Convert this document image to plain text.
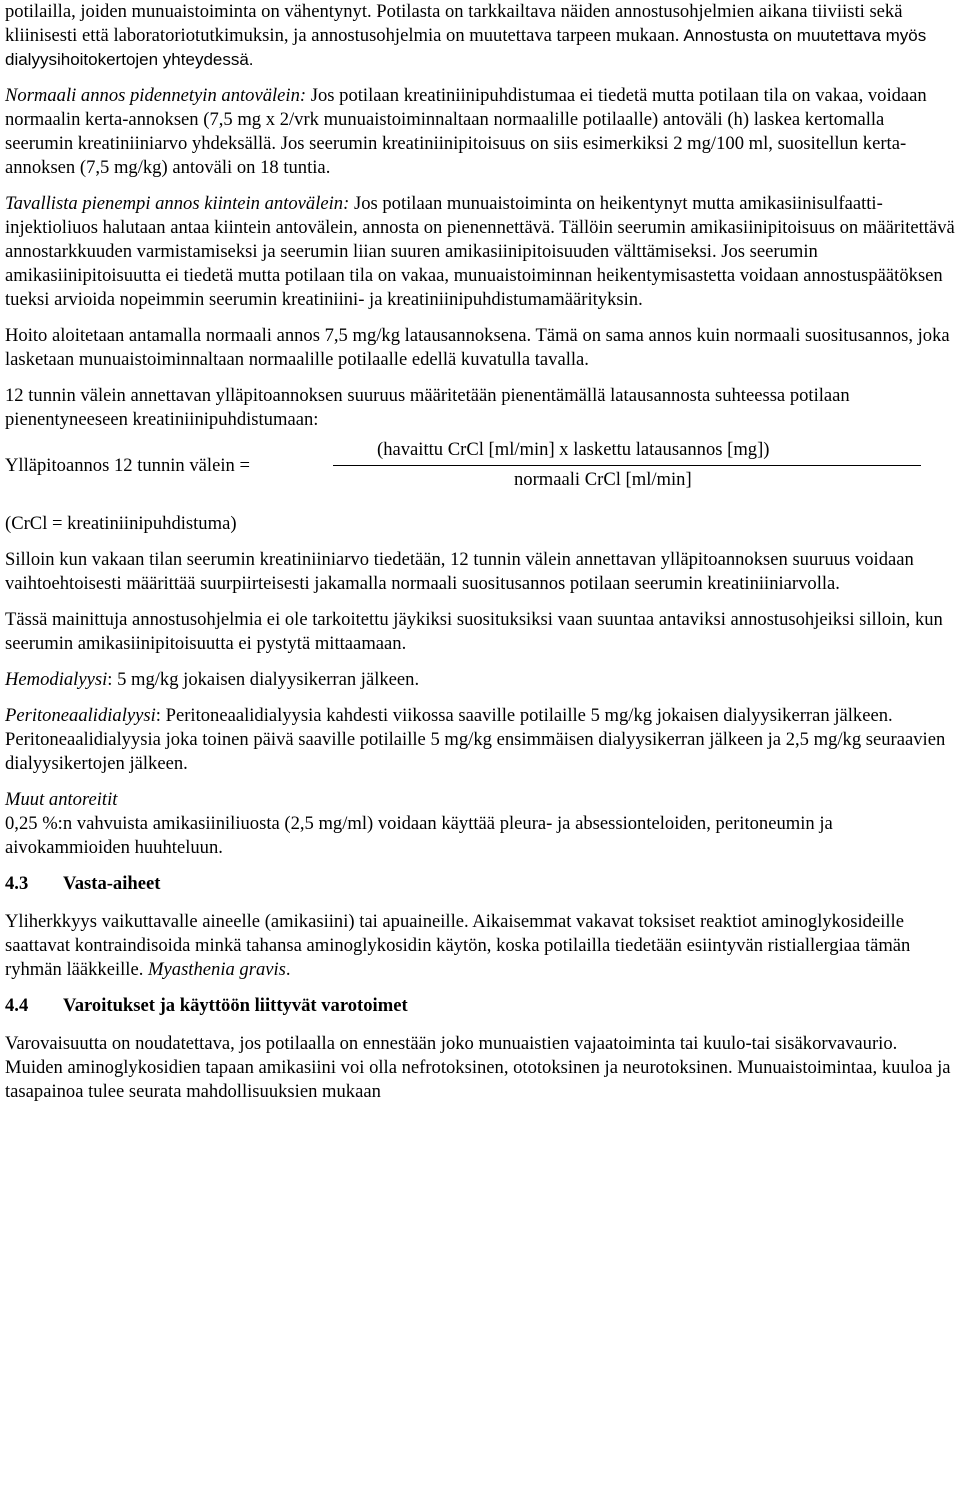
potilailla, joiden munuaistoiminta on vähentynyt. Potilasta on tarkkailtava näiden annostusohjelmien aikana tiiviisti sekä kliinisesti että laboratoriotutkimuksin, ja annostusohjelmia on muutettava tarpeen mukaan. Annostusta on muutettava myös dialyysihoitokertojen yhteydessä.

Normaali annos pidennetyin antovälein: Jos potilaan kreatiniinipuhdistumaa ei tiedetä mutta potilaan tila on vakaa, voidaan normaalin kerta-annoksen (7,5 mg x 2/vrk munuaistoiminnaltaan normaalille potilaalle) antoväli (h) laskea kertomalla seerumin kreatiniiniarvo yhdeksällä. Jos seerumin kreatiniinipitoisuus on siis esimerkiksi 2 mg/100 ml, suositellun kerta-annoksen (7,5 mg/kg) antoväli on 18 tuntia.

Tavallista pienempi annos kiintein antovälein: Jos potilaan munuaistoiminta on heikentynyt mutta amikasiinisulfaatti-injektioliuos halutaan antaa kiintein antovälein, annosta on pienennettävä. Tällöin seerumin amikasiinipitoisuus on määritettävä annostarkkuuden varmistamiseksi ja seerumin liian suuren amikasiinipitoisuuden välttämiseksi. Jos seerumin amikasiinipitoisuutta ei tiedetä mutta potilaan tila on vakaa, munuaistoiminnan heikentymisastetta voidaan annostuspäätöksen tueksi arvioida nopeimmin seerumin kreatiniini- ja kreatiniinipuhdistumamäärityksin.

Hoito aloitetaan antamalla normaali annos 7,5 mg/kg latausannoksena. Tämä on sama annos kuin normaali suositusannos, joka lasketaan munuaistoiminnaltaan normaalille potilaalle edellä kuvatulla tavalla.

12 tunnin välein annettavan ylläpitoannoksen suuruus määritetään pienentämällä latausannosta suhteessa potilaan pienentyneeseen kreatiniinipuhdistumaan:

Ylläpitoannos 12 tunnin välein =
(havaittu CrCl [ml/min] x laskettu latausannos [mg])
normaali CrCl [ml/min]

(CrCl = kreatiniinipuhdistuma)

Silloin kun vakaan tilan seerumin kreatiniiniarvo tiedetään, 12 tunnin välein annettavan ylläpitoannoksen suuruus voidaan vaihtoehtoisesti määrittää suurpiirteisesti jakamalla normaali suositusannos potilaan seerumin kreatiniiniarvolla.

Tässä mainittuja annostusohjelmia ei ole tarkoitettu jäykiksi suosituksiksi vaan suuntaa antaviksi annostusohjeiksi silloin, kun seerumin amikasiinipitoisuutta ei pystytä mittaamaan.

Hemodialyysi: 5 mg/kg jokaisen dialyysikerran jälkeen.

Peritoneaalidialyysi: Peritoneaalidialyysia kahdesti viikossa saaville potilaille 5 mg/kg jokaisen dialyysikerran jälkeen. Peritoneaalidialyysia joka toinen päivä saaville potilaille 5 mg/kg ensimmäisen dialyysikerran jälkeen ja 2,5 mg/kg seuraavien dialyysikertojen jälkeen.

Muut antoreitit

0,25 %:n vahvuista amikasiiniliuosta (2,5 mg/ml) voidaan käyttää pleura- ja absessionteloiden, peritoneumin ja aivokammioiden huuhteluun.

4.3 Vasta-aiheet

Yliherkkyys vaikuttavalle aineelle (amikasiini) tai apuaineille. Aikaisemmat vakavat toksiset reaktiot aminoglykosideille saattavat kontraindisoida minkä tahansa aminoglykosidin käytön, koska potilailla tiedetään esiintyvän ristiallergiaa tämän ryhmän lääkkeille. Myasthenia gravis.

4.4 Varoitukset ja käyttöön liittyvät varotoimet

Varovaisuutta on noudatettava, jos potilaalla on ennestään joko munuaistien vajaatoiminta tai kuulo-tai sisäkorvavaurio. Muiden aminoglykosidien tapaan amikasiini voi olla nefrotoksinen, ototoksinen ja neurotoksinen. Munuaistoimintaa, kuuloa ja tasapainoa tulee seurata mahdollisuuksien mukaan
